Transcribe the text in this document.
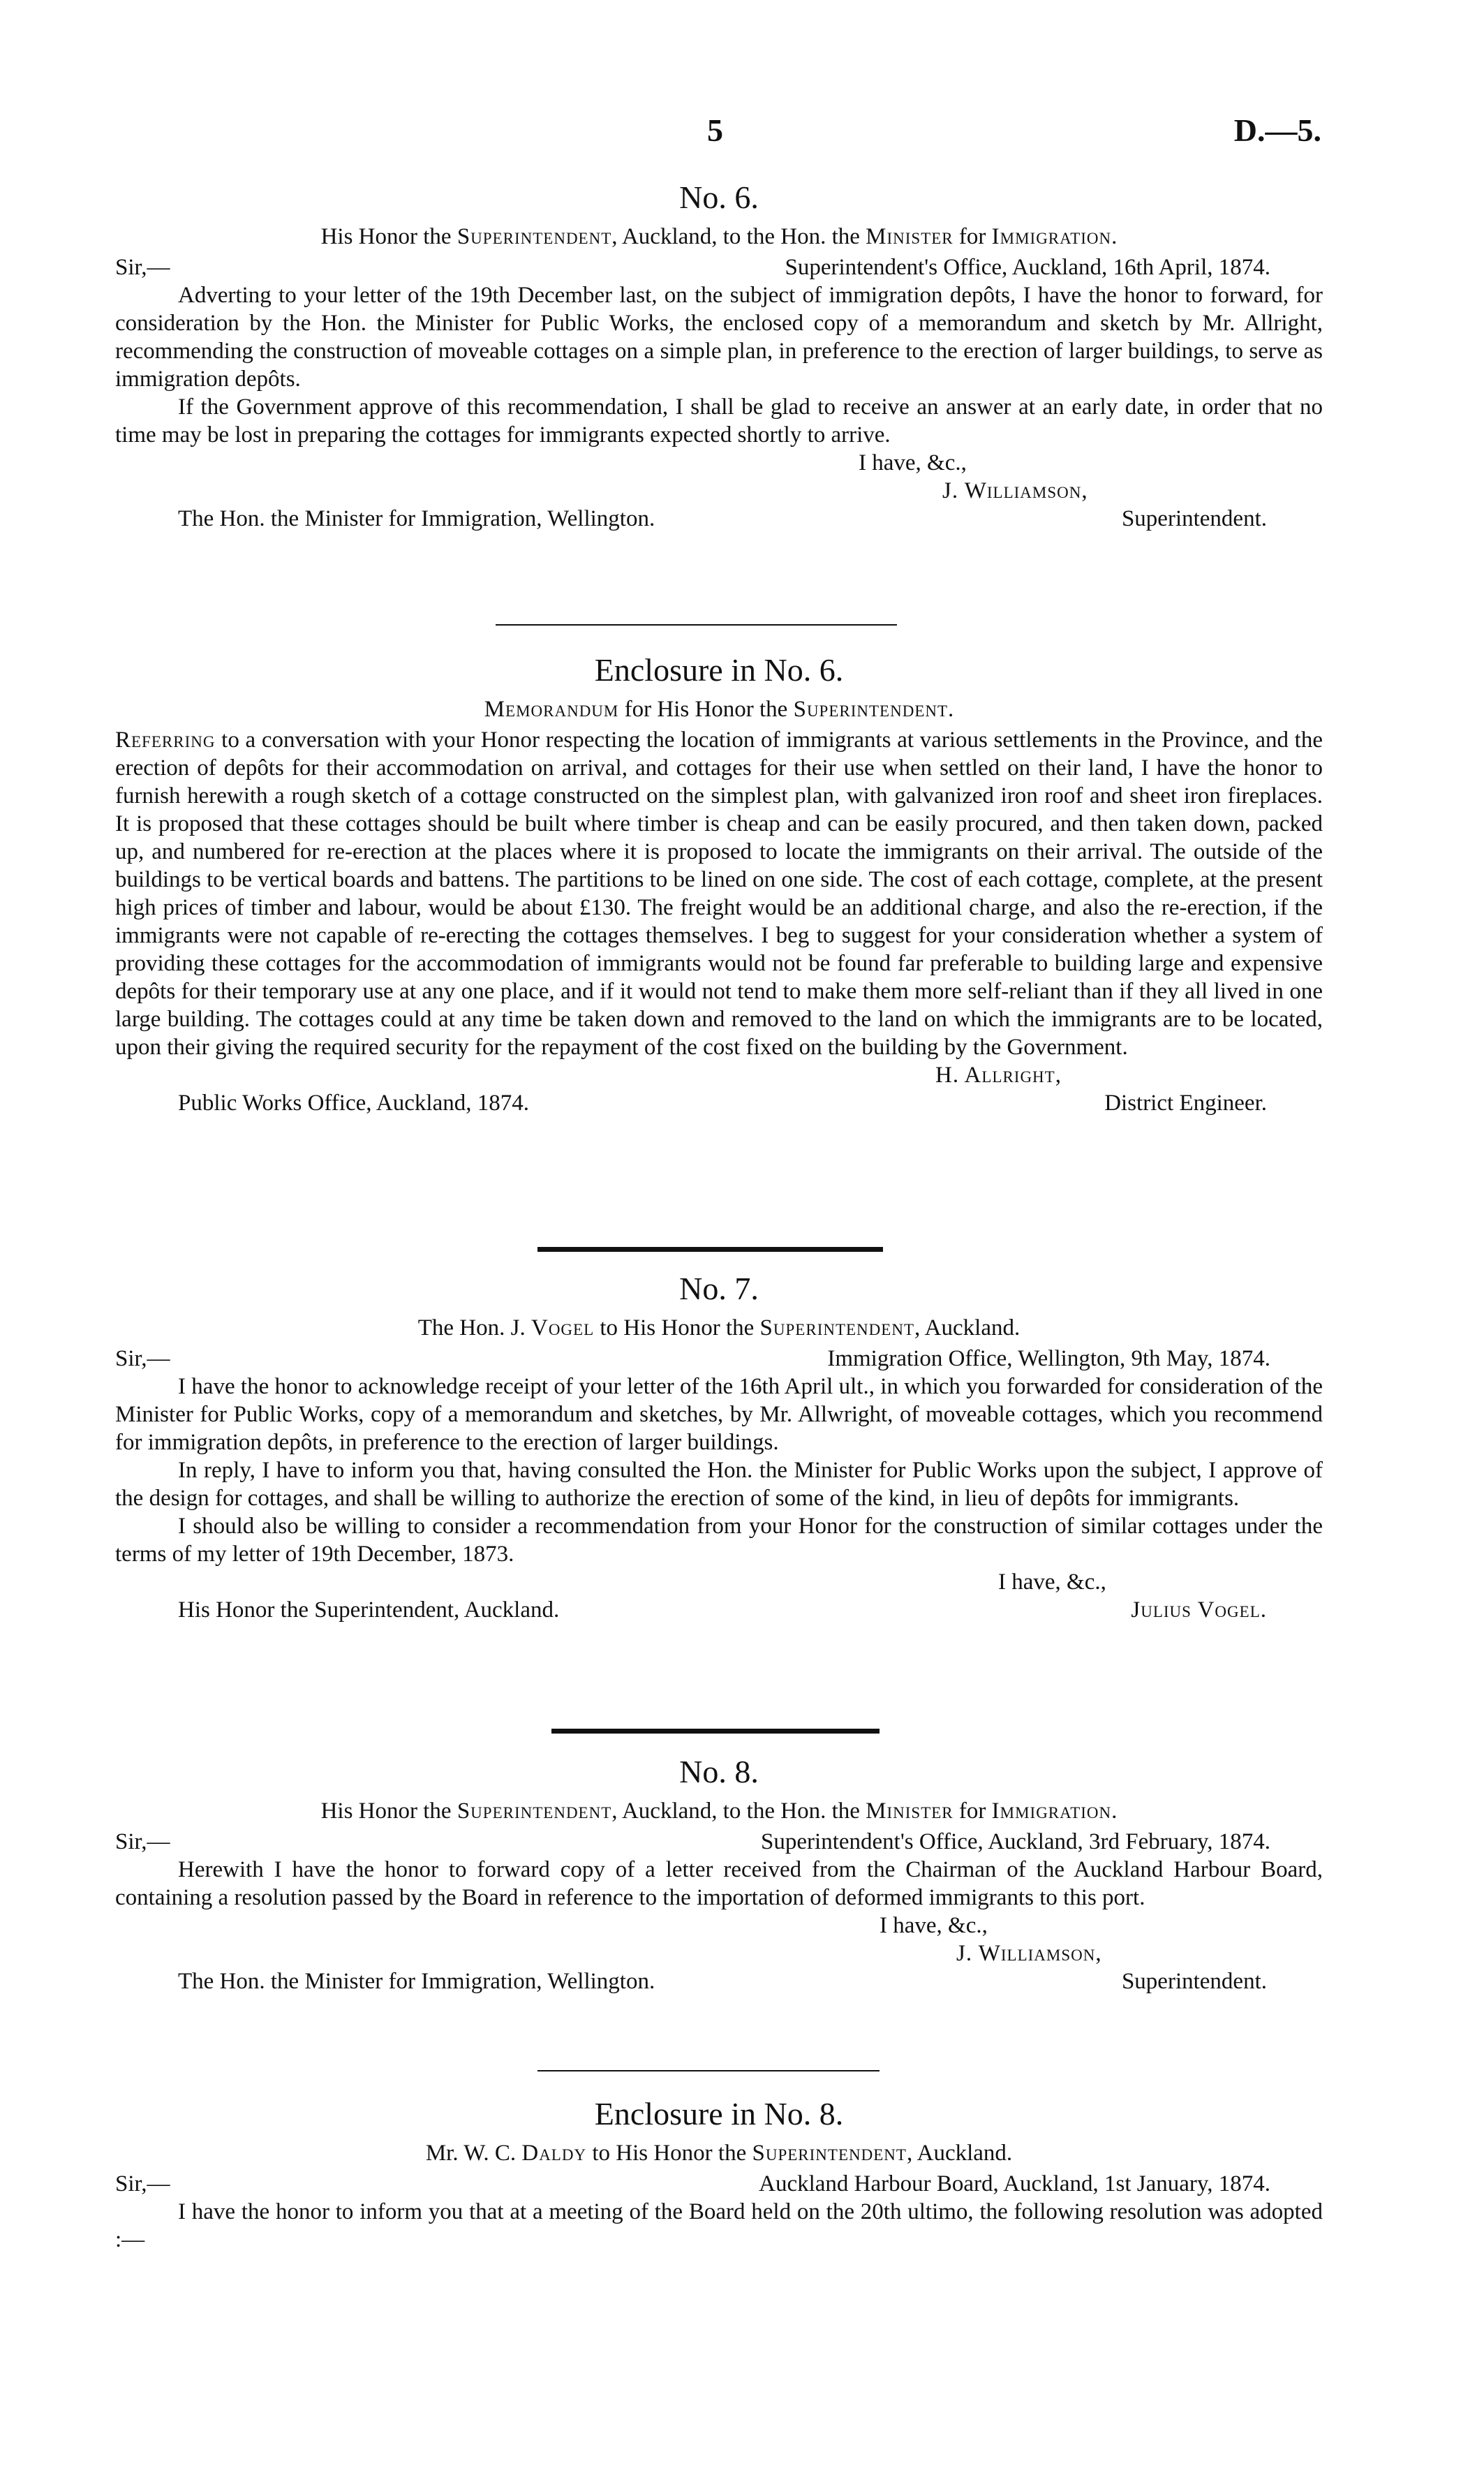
5	D.—5.
No. 6.
His Honor the Superintendent, Auckland, to the Hon. the Minister for Immigration.
Sir,—	Superintendent's Office, Auckland, 16th April, 1874.

Adverting to your letter of the 19th December last, on the subject of immigration depôts, I have the honor to forward, for consideration by the Hon. the Minister for Public Works, the enclosed copy of a memorandum and sketch by Mr. Allright, recommending the construction of moveable cottages on a simple plan, in preference to the erection of larger buildings, to serve as immigration depôts.

If the Government approve of this recommendation, I shall be glad to receive an answer at an early date, in order that no time may be lost in preparing the cottages for immigrants expected shortly to arrive.

I have, &c.,
J. Williamson,
The Hon. the Minister for Immigration, Wellington.	Superintendent.
Enclosure in No. 6.
Memorandum for His Honor the Superintendent.

Referring to a conversation with your Honor respecting the location of immigrants at various settlements in the Province, and the erection of depôts for their accommodation on arrival, and cottages for their use when settled on their land, I have the honor to furnish herewith a rough sketch of a cottage constructed on the simplest plan, with galvanized iron roof and sheet iron fireplaces. It is proposed that these cottages should be built where timber is cheap and can be easily procured, and then taken down, packed up, and numbered for re-erection at the places where it is proposed to locate the immigrants on their arrival. The outside of the buildings to be vertical boards and battens. The partitions to be lined on one side. The cost of each cottage, complete, at the present high prices of timber and labour, would be about £130. The freight would be an additional charge, and also the re-erection, if the immigrants were not capable of re-erecting the cottages themselves. I beg to suggest for your consideration whether a system of providing these cottages for the accommodation of immigrants would not be found far preferable to building large and expensive depôts for their temporary use at any one place, and if it would not tend to make them more self-reliant than if they all lived in one large building. The cottages could at any time be taken down and removed to the land on which the immigrants are to be located, upon their giving the required security for the repayment of the cost fixed on the building by the Government.

H. Allright,
Public Works Office, Auckland, 1874.	District Engineer.
No. 7.
The Hon. J. Vogel to His Honor the Superintendent, Auckland.
Sir,—	Immigration Office, Wellington, 9th May, 1874.

I have the honor to acknowledge receipt of your letter of the 16th April ult., in which you forwarded for consideration of the Minister for Public Works, copy of a memorandum and sketches, by Mr. Allwright, of moveable cottages, which you recommend for immigration depôts, in preference to the erection of larger buildings.

In reply, I have to inform you that, having consulted the Hon. the Minister for Public Works upon the subject, I approve of the design for cottages, and shall be willing to authorize the erection of some of the kind, in lieu of depôts for immigrants.

I should also be willing to consider a recommendation from your Honor for the construction of similar cottages under the terms of my letter of 19th December, 1873.

I have, &c.,
His Honor the Superintendent, Auckland.	Julius Vogel.
No. 8.
His Honor the Superintendent, Auckland, to the Hon. the Minister for Immigration.
Sir,—	Superintendent's Office, Auckland, 3rd February, 1874.

Herewith I have the honor to forward copy of a letter received from the Chairman of the Auckland Harbour Board, containing a resolution passed by the Board in reference to the importation of deformed immigrants to this port.

I have, &c.,
J. Williamson,
The Hon. the Minister for Immigration, Wellington.	Superintendent.
Enclosure in No. 8.
Mr. W. C. Daldy to His Honor the Superintendent, Auckland.
Sir,—	Auckland Harbour Board, Auckland, 1st January, 1874.

I have the honor to inform you that at a meeting of the Board held on the 20th ultimo, the following resolution was adopted :—
